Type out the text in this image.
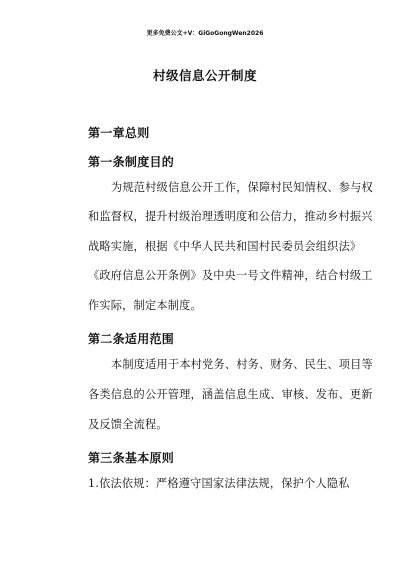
更多免费公文+V：GiGoGongWen2026
村级信息公开制度
第一章总则
第一条制度目的
为规范村级信息公开工作，保障村民知情权、参与权
和监督权，提升村级治理透明度和公信力，推动乡村振兴
战略实施，根据《中华人民共和国村民委员会组织法》
《政府信息公开条例》及中央一号文件精神，结合村级工
作实际，制定本制度。
第二条适用范围
本制度适用于本村党务、村务、财务、民生、项目等
各类信息的公开管理，涵盖信息生成、审核、发布、更新
及反馈全流程。
第三条基本原则
1.依法依规：严格遵守国家法律法规，保护个人隐私
